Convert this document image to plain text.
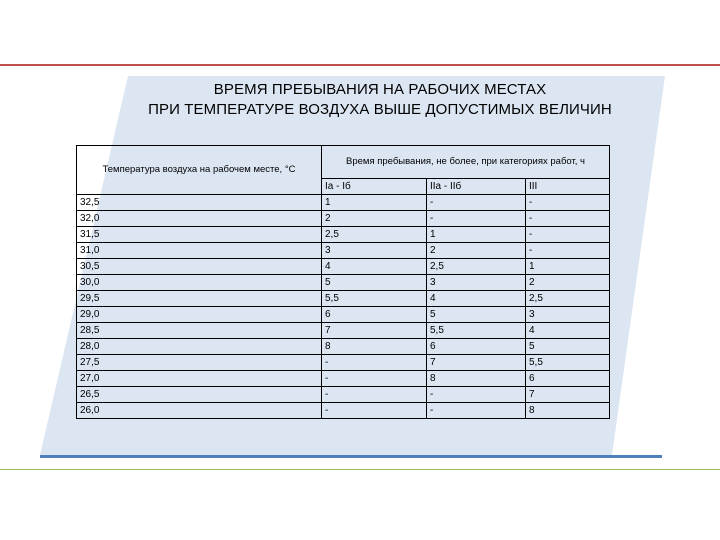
ВРЕМЯ ПРЕБЫВАНИЯ НА РАБОЧИХ МЕСТАХ
ПРИ ТЕМПЕРАТУРЕ ВОЗДУХА ВЫШЕ ДОПУСТИМЫХ ВЕЛИЧИН
Температура воздуха на рабочем месте, °С	Время пребывания, не более, при категориях работ, ч		
	Ia - Iб	IIa - IIб	III
32,5	1	-	-
32,0	2	-	-
31,5	2,5	1	-
31,0	3	2	-
30,5	4	2,5	1
30,0	5	3	2
29,5	5,5	4	2,5
29,0	6	5	3
28,5	7	5,5	4
28,0	8	6	5
27,5	-	7	5,5
27,0	-	8	6
26,5	-	-	7
26,0	-	-	8
